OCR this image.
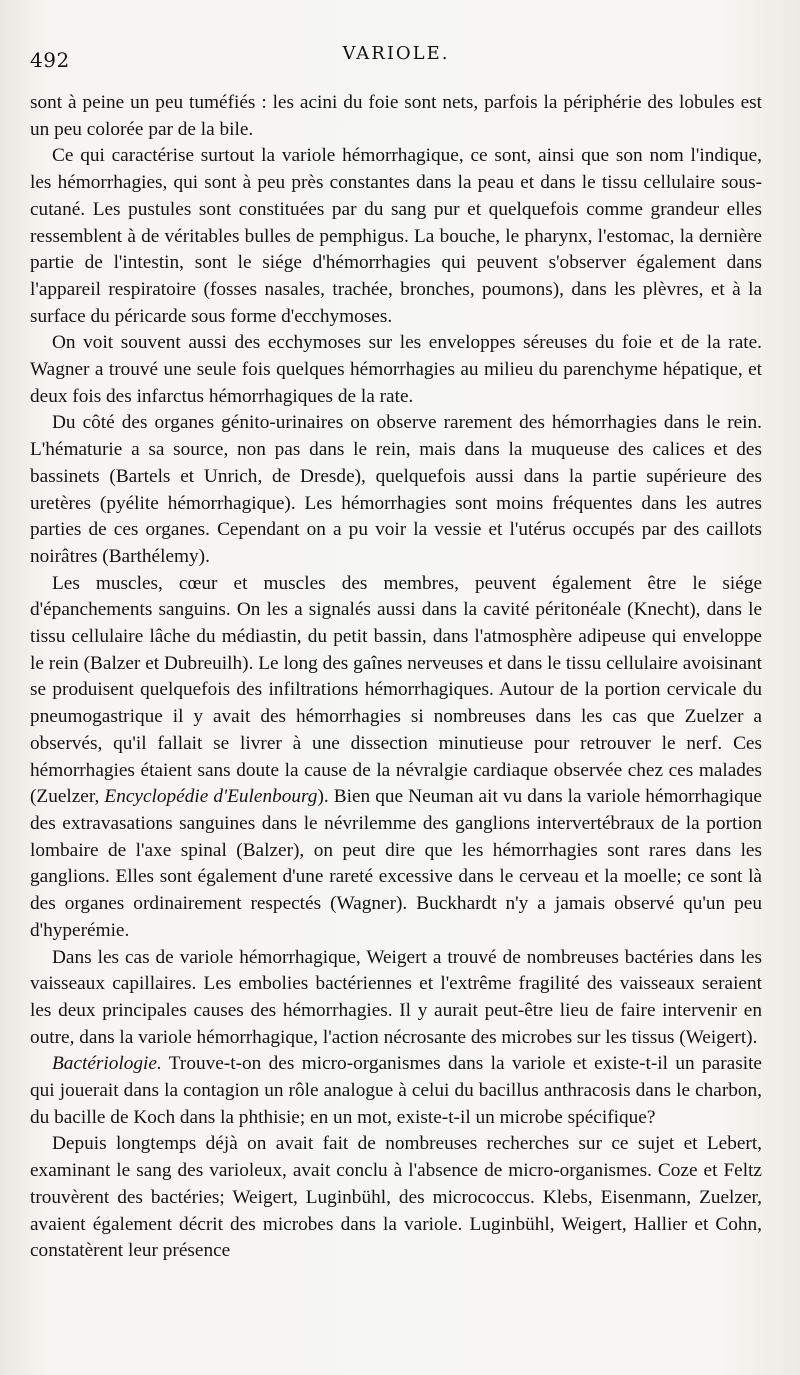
492	VARIOLE.

sont à peine un peu tuméfiés : les acini du foie sont nets, parfois la périphérie des lobules est un peu colorée par de la bile.

Ce qui caractérise surtout la variole hémorrhagique, ce sont, ainsi que son nom l'indique, les hémorrhagies, qui sont à peu près constantes dans la peau et dans le tissu cellulaire sous-cutané. Les pustules sont constituées par du sang pur et quelquefois comme grandeur elles ressemblent à de véritables bulles de pemphigus. La bouche, le pharynx, l'estomac, la dernière partie de l'intestin, sont le siége d'hémorrhagies qui peuvent s'observer également dans l'appareil respiratoire (fosses nasales, trachée, bronches, poumons), dans les plèvres, et à la surface du péricarde sous forme d'ecchymoses.

On voit souvent aussi des ecchymoses sur les enveloppes séreuses du foie et de la rate. Wagner a trouvé une seule fois quelques hémorrhagies au milieu du parenchyme hépatique, et deux fois des infarctus hémorrhagiques de la rate.

Du côté des organes génito-urinaires on observe rarement des hémorrhagies dans le rein. L'hématurie a sa source, non pas dans le rein, mais dans la muqueuse des calices et des bassinets (Bartels et Unrich, de Dresde), quelquefois aussi dans la partie supérieure des uretères (pyélite hémorrhagique). Les hémorrhagies sont moins fréquentes dans les autres parties de ces organes. Cependant on a pu voir la vessie et l'utérus occupés par des caillots noirâtres (Barthélemy).

Les muscles, cœur et muscles des membres, peuvent également être le siége d'épanchements sanguins. On les a signalés aussi dans la cavité péritonéale (Knecht), dans le tissu cellulaire lâche du médiastin, du petit bassin, dans l'atmosphère adipeuse qui enveloppe le rein (Balzer et Dubreuilh). Le long des gaînes nerveuses et dans le tissu cellulaire avoisinant se produisent quelquefois des infiltrations hémorrhagiques. Autour de la portion cervicale du pneumogastrique il y avait des hémorrhagies si nombreuses dans les cas que Zuelzer a observés, qu'il fallait se livrer à une dissection minutieuse pour retrouver le nerf. Ces hémorrhagies étaient sans doute la cause de la névralgie cardiaque observée chez ces malades (Zuelzer, Encyclopédie d'Eulenbourg). Bien que Neuman ait vu dans la variole hémorrhagique des extravasations sanguines dans le névrilemme des ganglions intervertébraux de la portion lombaire de l'axe spinal (Balzer), on peut dire que les hémorrhagies sont rares dans les ganglions. Elles sont également d'une rareté excessive dans le cerveau et la moelle; ce sont là des organes ordinairement respectés (Wagner). Buckhardt n'y a jamais observé qu'un peu d'hyperémie.

Dans les cas de variole hémorrhagique, Weigert a trouvé de nombreuses bactéries dans les vaisseaux capillaires. Les embolies bactériennes et l'extrême fragilité des vaisseaux seraient les deux principales causes des hémorrhagies. Il y aurait peut-être lieu de faire intervenir en outre, dans la variole hémorrhagique, l'action nécrosante des microbes sur les tissus (Weigert).

Bactériologie. Trouve-t-on des micro-organismes dans la variole et existe-t-il un parasite qui jouerait dans la contagion un rôle analogue à celui du bacillus anthracosis dans le charbon, du bacille de Koch dans la phthisie; en un mot, existe-t-il un microbe spécifique?

Depuis longtemps déjà on avait fait de nombreuses recherches sur ce sujet et Lebert, examinant le sang des varioleux, avait conclu à l'absence de micro-organismes. Coze et Feltz trouvèrent des bactéries; Weigert, Luginbühl, des micrococcus. Klebs, Eisenmann, Zuelzer, avaient également décrit des microbes dans la variole. Luginbühl, Weigert, Hallier et Cohn, constatèrent leur présence
